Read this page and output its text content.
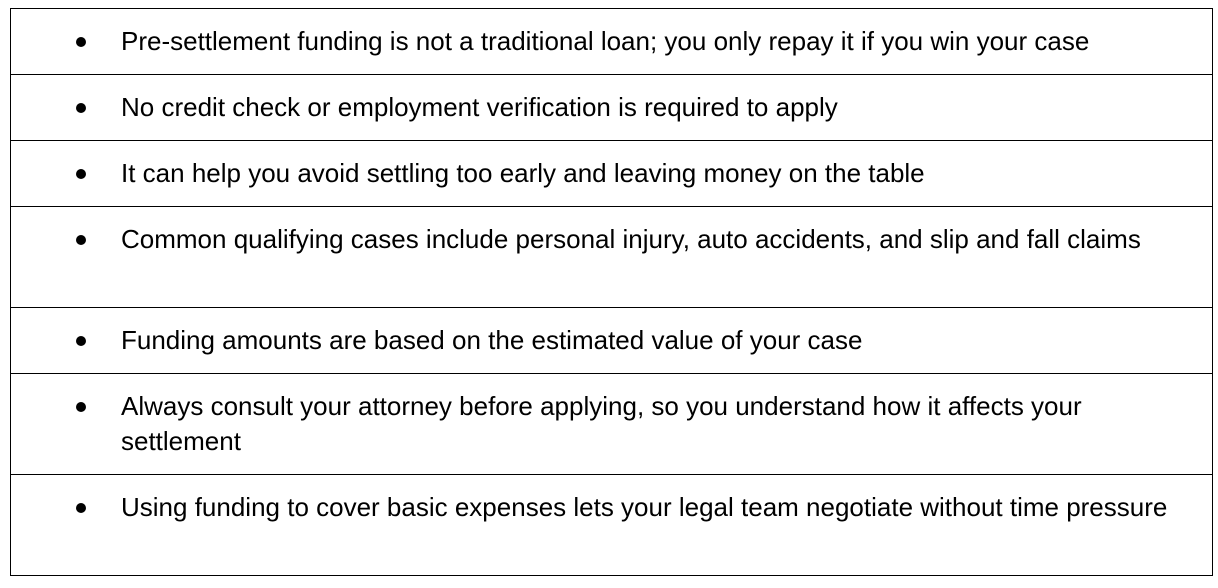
Pre-settlement funding is not a traditional loan; you only repay it if you win your case

No credit check or employment verification is required to apply

It can help you avoid settling too early and leaving money on the table

Common qualifying cases include personal injury, auto accidents, and slip and fall claims

Funding amounts are based on the estimated value of your case

Always consult your attorney before applying, so you understand how it affects your settlement

Using funding to cover basic expenses lets your legal team negotiate without time pressure
